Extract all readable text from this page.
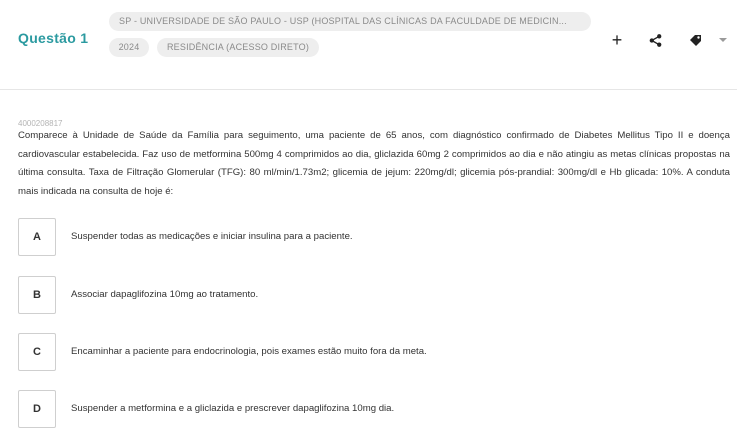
Questão 1
SP - UNIVERSIDADE DE SÃO PAULO - USP (HOSPITAL DAS CLÍNICAS DA FACULDADE DE MEDICIN...
2024	RESIDÊNCIA (ACESSO DIRETO)	+
4000208817
Comparece à Unidade de Saúde da Família para seguimento, uma paciente de 65 anos, com diagnóstico confirmado de Diabetes Mellitus Tipo II e doença cardiovascular estabelecida. Faz uso de metformina 500mg 4 comprimidos ao dia, gliclazida 60mg 2 comprimidos ao dia e não atingiu as metas clínicas propostas na última consulta. Taxa de Filtração Glomerular (TFG): 80 ml/min/1.73m2; glicemia de jejum: 220mg/dl; glicemia pós-prandial: 300mg/dl e Hb glicada: 10%. A conduta mais indicada na consulta de hoje é:
A	Suspender todas as medicações e iniciar insulina para a paciente.
B	Associar dapaglifozina 10mg ao tratamento.
C	Encaminhar a paciente para endocrinologia, pois exames estão muito fora da meta.
D	Suspender a metformina e a gliclazida e prescrever dapaglifozina 10mg dia.
